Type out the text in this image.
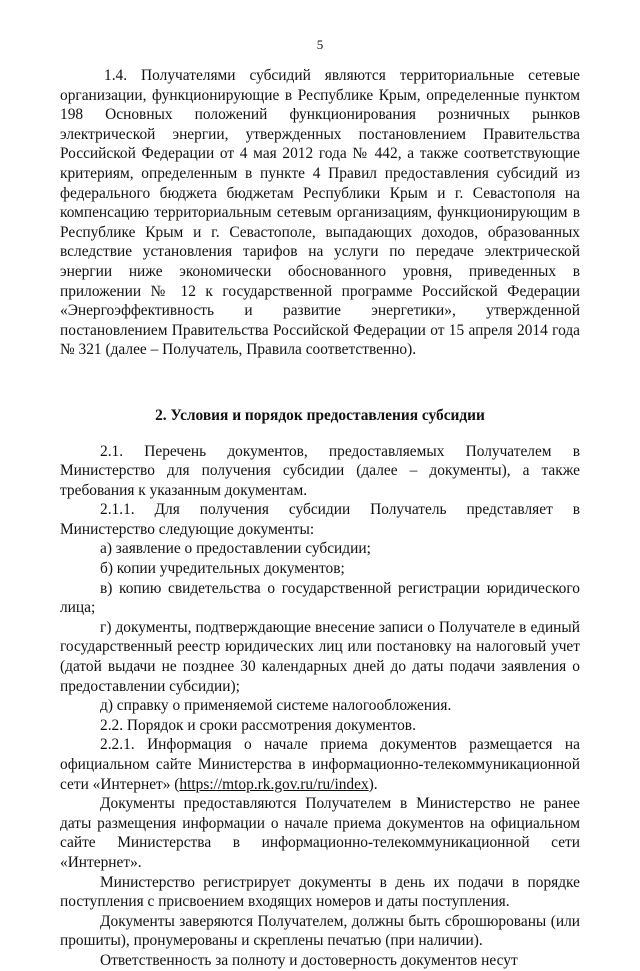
5

1.4. Получателями субсидий являются территориальные сетевые организации, функционирующие в Республике Крым, определенные пунктом 198 Основных положений функционирования розничных рынков электрической энергии, утвержденных постановлением Правительства Российской Федерации от 4 мая 2012 года № 442, а также соответствующие критериям, определенным в пункте 4 Правил предоставления субсидий из федерального бюджета бюджетам Республики Крым и г. Севастополя на компенсацию территориальным сетевым организациям, функционирующим в Республике Крым и г. Севастополе, выпадающих доходов, образованных вследствие установления тарифов на услуги по передаче электрической энергии ниже экономически обоснованного уровня, приведенных в приложении № 12 к государственной программе Российской Федерации «Энергоэффективность и развитие энергетики», утвержденной постановлением Правительства Российской Федерации от 15 апреля 2014 года № 321 (далее – Получатель, Правила соответственно).

2. Условия и порядок предоставления субсидии

2.1. Перечень документов, предоставляемых Получателем в Министерство для получения субсидии (далее – документы), а также требования к указанным документам.

2.1.1. Для получения субсидии Получатель представляет в Министерство следующие документы:

а) заявление о предоставлении субсидии;

б) копии учредительных документов;

в) копию свидетельства о государственной регистрации юридического лица;

г) документы, подтверждающие внесение записи о Получателе в единый государственный реестр юридических лиц или постановку на налоговый учет (датой выдачи не позднее 30 календарных дней до даты подачи заявления о предоставлении субсидии);

д) справку о применяемой системе налогообложения.

2.2. Порядок и сроки рассмотрения документов.

2.2.1. Информация о начале приема документов размещается на официальном сайте Министерства в информационно-телекоммуникационной сети «Интернет» (https://mtop.rk.gov.ru/ru/index).

Документы предоставляются Получателем в Министерство не ранее даты размещения информации о начале приема документов на официальном сайте Министерства в информационно-телекоммуникационной сети «Интернет».

Министерство регистрирует документы в день их подачи в порядке поступления с присвоением входящих номеров и даты поступления.

Документы заверяются Получателем, должны быть сброшюрованы (или прошиты), пронумерованы и скреплены печатью (при наличии).

Ответственность за полноту и достоверность документов несут
